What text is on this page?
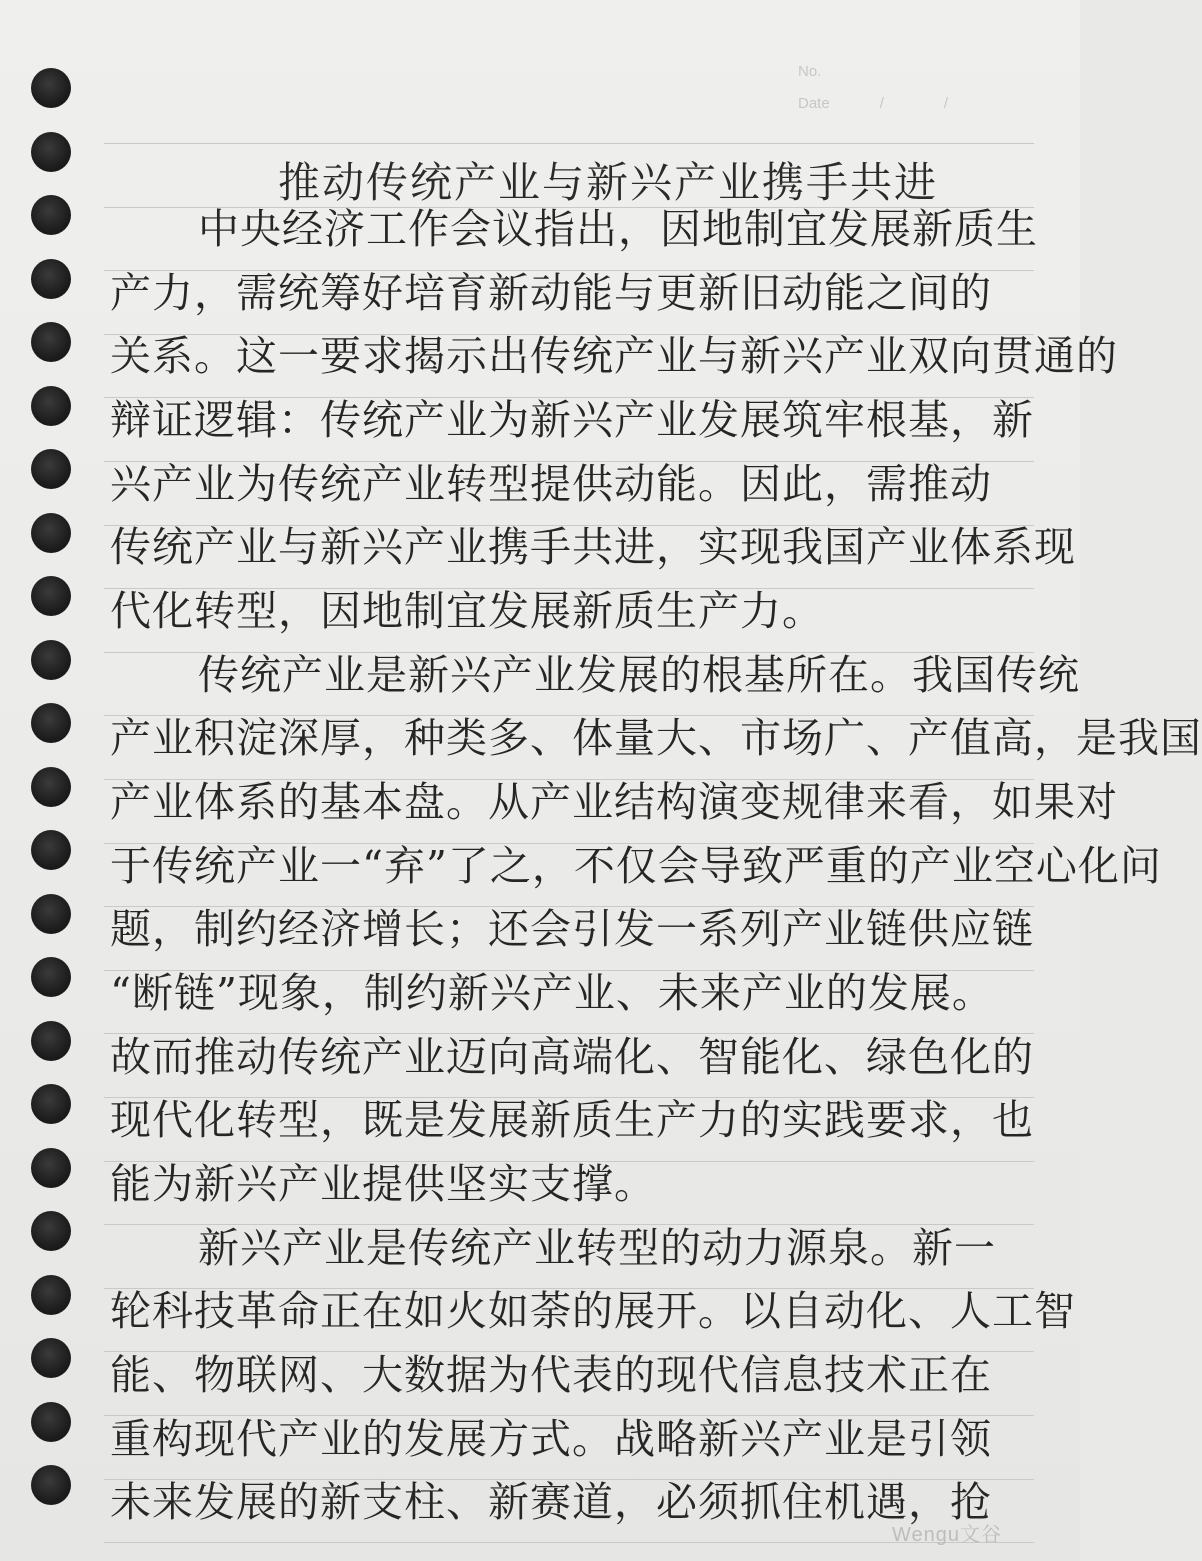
No.
Date	/	/
推动传统产业与新兴产业携手共进
中央经济工作会议指出，因地制宜发展新质生
产力，需统筹好培育新动能与更新旧动能之间的
关系。这一要求揭示出传统产业与新兴产业双向贯通的
辩证逻辑：传统产业为新兴产业发展筑牢根基，新
兴产业为传统产业转型提供动能。因此，需推动
传统产业与新兴产业携手共进，实现我国产业体系现
代化转型，因地制宜发展新质生产力。
传统产业是新兴产业发展的根基所在。我国传统
产业积淀深厚，种类多、体量大、市场广、产值高，是我国
产业体系的基本盘。从产业结构演变规律来看，如果对
于传统产业一“弃”了之，不仅会导致严重的产业空心化问
题，制约经济增长；还会引发一系列产业链供应链
“断链”现象，制约新兴产业、未来产业的发展。
故而推动传统产业迈向高端化、智能化、绿色化的
现代化转型，既是发展新质生产力的实践要求，也
能为新兴产业提供坚实支撑。
新兴产业是传统产业转型的动力源泉。新一
轮科技革命正在如火如荼的展开。以自动化、人工智
能、物联网、大数据为代表的现代信息技术正在
重构现代产业的发展方式。战略新兴产业是引领
未来发展的新支柱、新赛道，必须抓住机遇，抢
Wengu文谷
